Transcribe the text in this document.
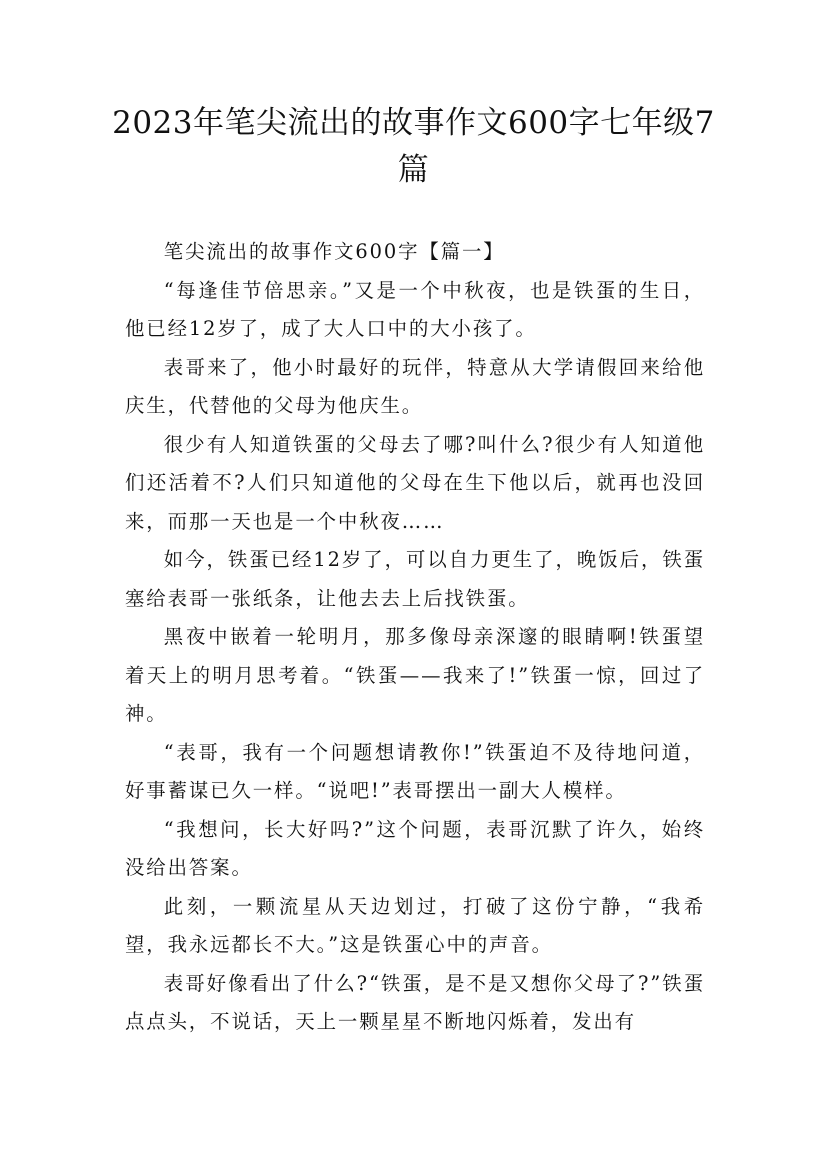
2023年笔尖流出的故事作文600字七年级7篇

笔尖流出的故事作文600字【篇一】

“每逢佳节倍思亲。”又是一个中秋夜，也是铁蛋的生日，他已经12岁了，成了大人口中的大小孩了。

表哥来了，他小时最好的玩伴，特意从大学请假回来给他庆生，代替他的父母为他庆生。

很少有人知道铁蛋的父母去了哪?叫什么?很少有人知道他们还活着不?人们只知道他的父母在生下他以后，就再也没回来，而那一天也是一个中秋夜……

如今，铁蛋已经12岁了，可以自力更生了，晚饭后，铁蛋塞给表哥一张纸条，让他去去上后找铁蛋。

黑夜中嵌着一轮明月，那多像母亲深邃的眼睛啊!铁蛋望着天上的明月思考着。“铁蛋——我来了!”铁蛋一惊，回过了神。

“表哥，我有一个问题想请教你!”铁蛋迫不及待地问道，好事蓄谋已久一样。“说吧!”表哥摆出一副大人模样。

“我想问，长大好吗?”这个问题，表哥沉默了许久，始终没给出答案。

此刻，一颗流星从天边划过，打破了这份宁静，“我希望，我永远都长不大。”这是铁蛋心中的声音。

表哥好像看出了什么?“铁蛋，是不是又想你父母了?”铁蛋点点头，不说话，天上一颗星星不断地闪烁着，发出有
